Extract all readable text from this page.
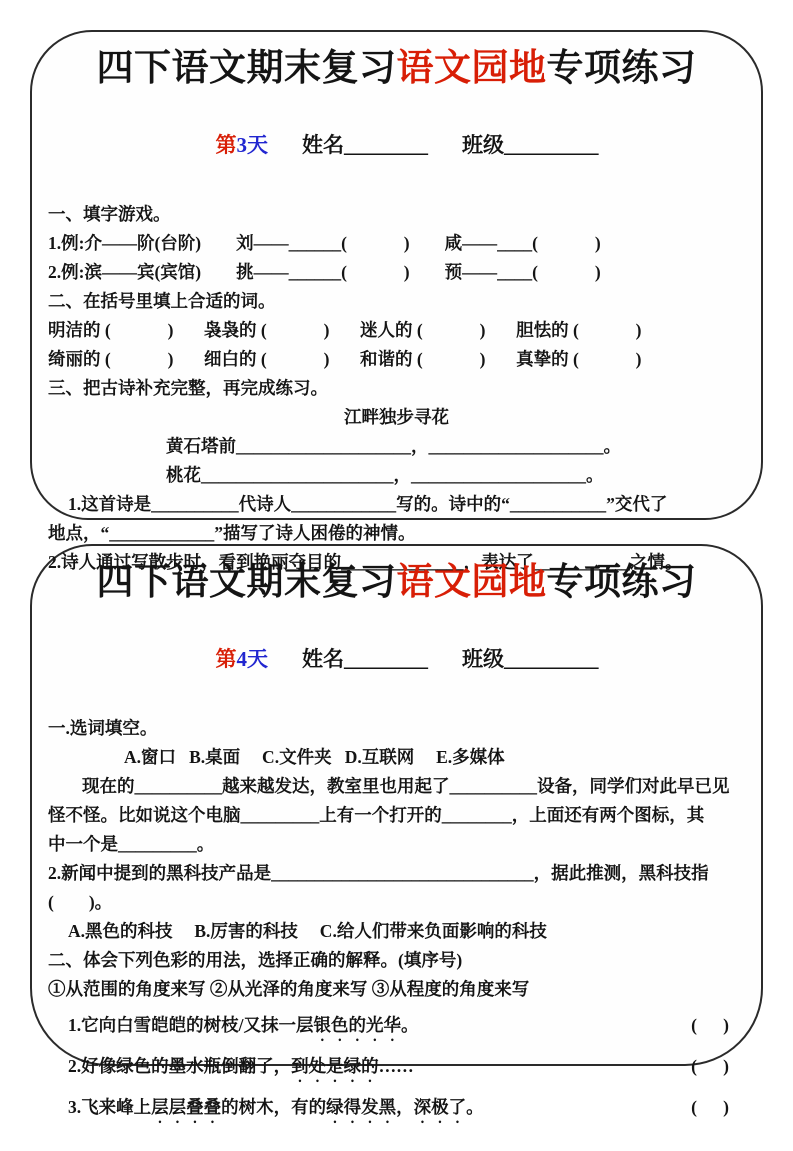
四下语文期末复习语文园地专项练习

第3天 姓名________ 班级_________

一、填字游戏。
1.例:介——阶(台阶)        刘——______(             )        咸——____(             )
2.例:滨——宾(宾馆)        挑——______(             )        预——____(             )
二、在括号里填上合适的词。
明洁的 (             )       袅袅的 (             )       迷人的 (             )       胆怯的 (             )
绮丽的 (             )       细白的 (             )       和谐的 (             )       真挚的 (             )
三、把古诗补充完整，再完成练习。
江畔独步寻花
黄石塔前____________________，____________________。
桃花______________________，____________________。
1.这首诗是__________代诗人____________写的。诗中的“___________”交代了
地点，“____________”描写了诗人困倦的神情。
2.诗人通过写散步时，看到艳丽夺目的______________，表达了___________之情。
四下语文期末复习语文园地专项练习

第4天 姓名________ 班级_________

一.选词填空。
A.窗口   B.桌面     C.文件夹   D.互联网     E.多媒体
现在的__________越来越发达，教室里也用起了__________设备，同学们对此早已见
怪不怪。比如说这个电脑_________上有一个打开的________，上面还有两个图标，其
中一个是_________。
2.新闻中提到的黑科技产品是______________________________，据此推测，黑科技指
(        )。
A.黑色的科技     B.厉害的科技     C.给人们带来负面影响的科技
二、体会下列色彩的用法，选择正确的解释。(填序号)
①从范围的角度来写 ②从光泽的角度来写 ③从程度的角度来写
1.它向白雪皑皑的树枝/又抹一层银色的光华。	(      )
2.好像绿色的墨水瓶倒翻了，到处是绿的……	(      )
3.飞来峰上层层叠叠的树木，有的绿得发黑，深极了。	(      )
